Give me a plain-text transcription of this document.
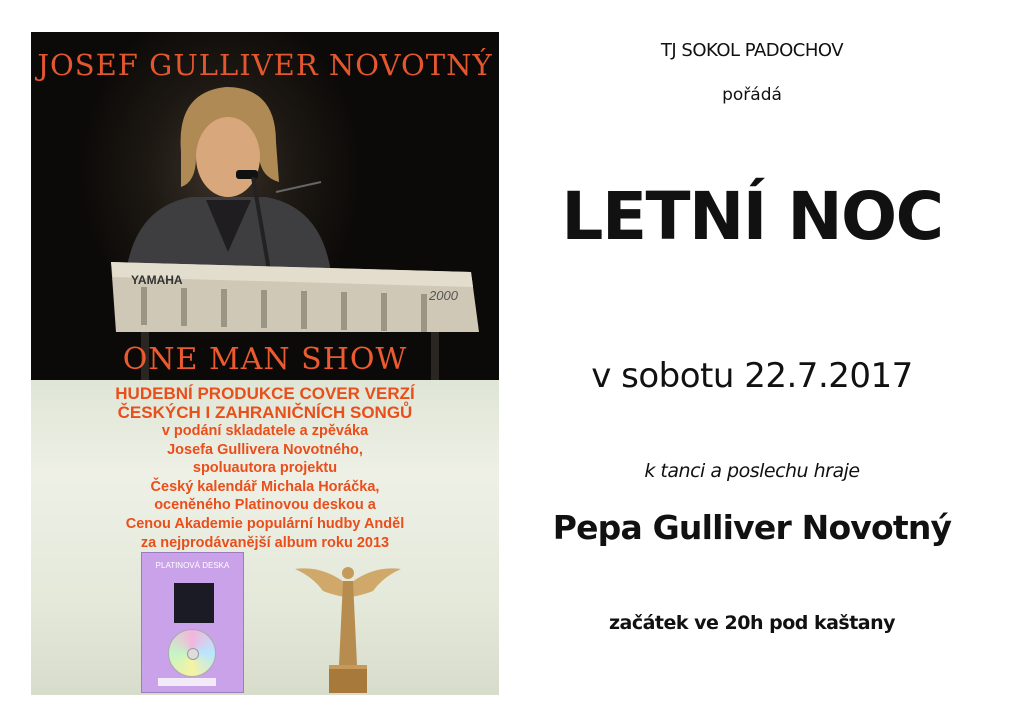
YAMAHA
2000
JOSEF GULLIVER NOVOTNÝ
ONE MAN SHOW
HUDEBNÍ PRODUKCE COVER VERZÍ
ČESKÝCH I ZAHRANIČNÍCH SONGŮ
v podání skladatele a zpěváka
Josefa Gullivera Novotného,
spoluautora projektu
Český kalendář Michala Horáčka,
oceněného Platinovou deskou a
Cenou Akademie populární hudby Anděl
za nejprodávanější album roku 2013
PLATINOVÁ DESKA
TJ SOKOL PADOCHOV
pořádá
LETNÍ NOC
v sobotu 22.7.2017
k tanci a poslechu hraje
Pepa Gulliver Novotný
začátek ve 20h pod kaštany
